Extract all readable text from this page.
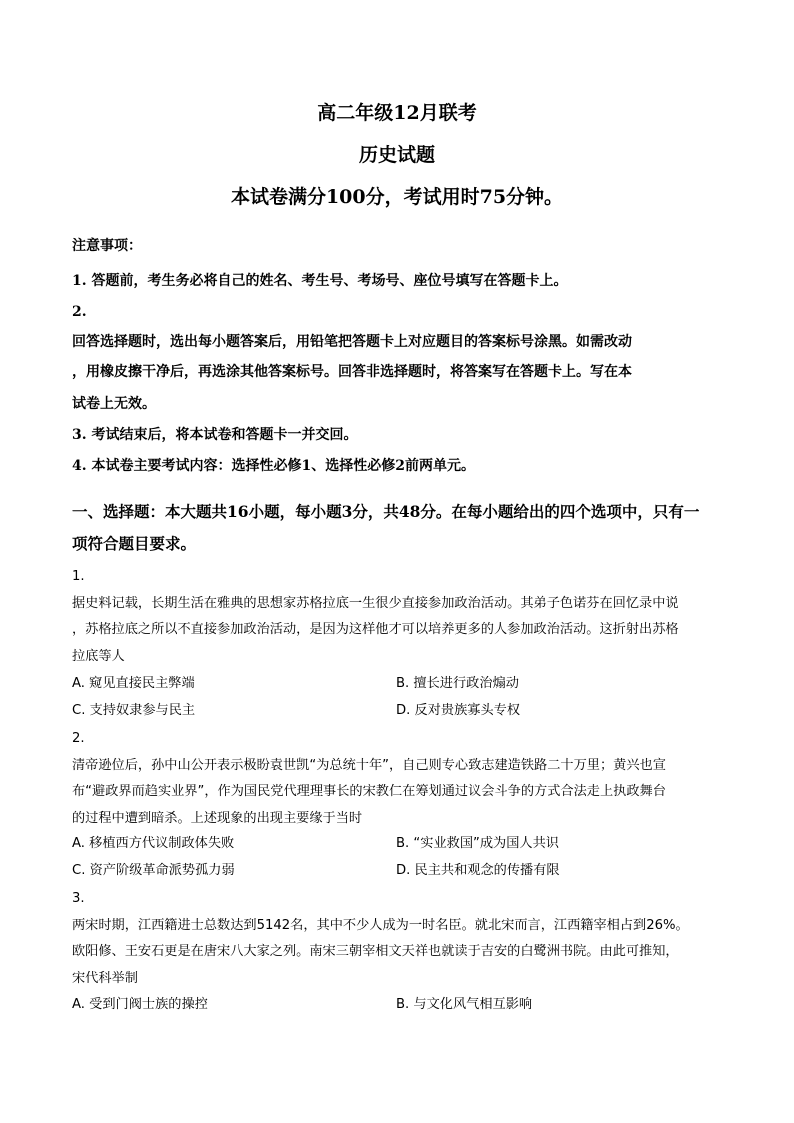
高二年级12月联考
历史试题
本试卷满分100分，考试用时75分钟。
注意事项：
1. 答题前，考生务必将自己的姓名、考生号、考场号、座位号填写在答题卡上。
2.
回答选择题时，选出每小题答案后，用铅笔把答题卡上对应题目的答案标号涂黑。如需改动
，用橡皮擦干净后，再选涂其他答案标号。回答非选择题时，将答案写在答题卡上。写在本
试卷上无效。
3. 考试结束后，将本试卷和答题卡一并交回。
4. 本试卷主要考试内容：选择性必修1、选择性必修2前两单元。
一、选择题：本大题共16小题，每小题3分，共48分。在每小题给出的四个选项中，只有一
项符合题目要求。
1.
据史料记载，长期生活在雅典的思想家苏格拉底一生很少直接参加政治活动。其弟子色诺芬在回忆录中说
，苏格拉底之所以不直接参加政治活动，是因为这样他才可以培养更多的人参加政治活动。这折射出苏格
拉底等人
A. 窥见直接民主弊端	B. 擅长进行政治煽动
C. 支持奴隶参与民主	D. 反对贵族寡头专权
2.
清帝逊位后，孙中山公开表示极盼袁世凯“为总统十年”，自己则专心致志建造铁路二十万里；黄兴也宣
布“避政界而趋实业界”，作为国民党代理理事长的宋教仁在筹划通过议会斗争的方式合法走上执政舞台
的过程中遭到暗杀。上述现象的出现主要缘于当时
A. 移植西方代议制政体失败	B. “实业救国”成为国人共识
C. 资产阶级革命派势孤力弱	D. 民主共和观念的传播有限
3.
两宋时期，江西籍进士总数达到5142名，其中不少人成为一时名臣。就北宋而言，江西籍宰相占到26%。
欧阳修、王安石更是在唐宋八大家之列。南宋三朝宰相文天祥也就读于吉安的白鹭洲书院。由此可推知，
宋代科举制
A. 受到门阀士族的操控	B. 与文化风气相互影响
